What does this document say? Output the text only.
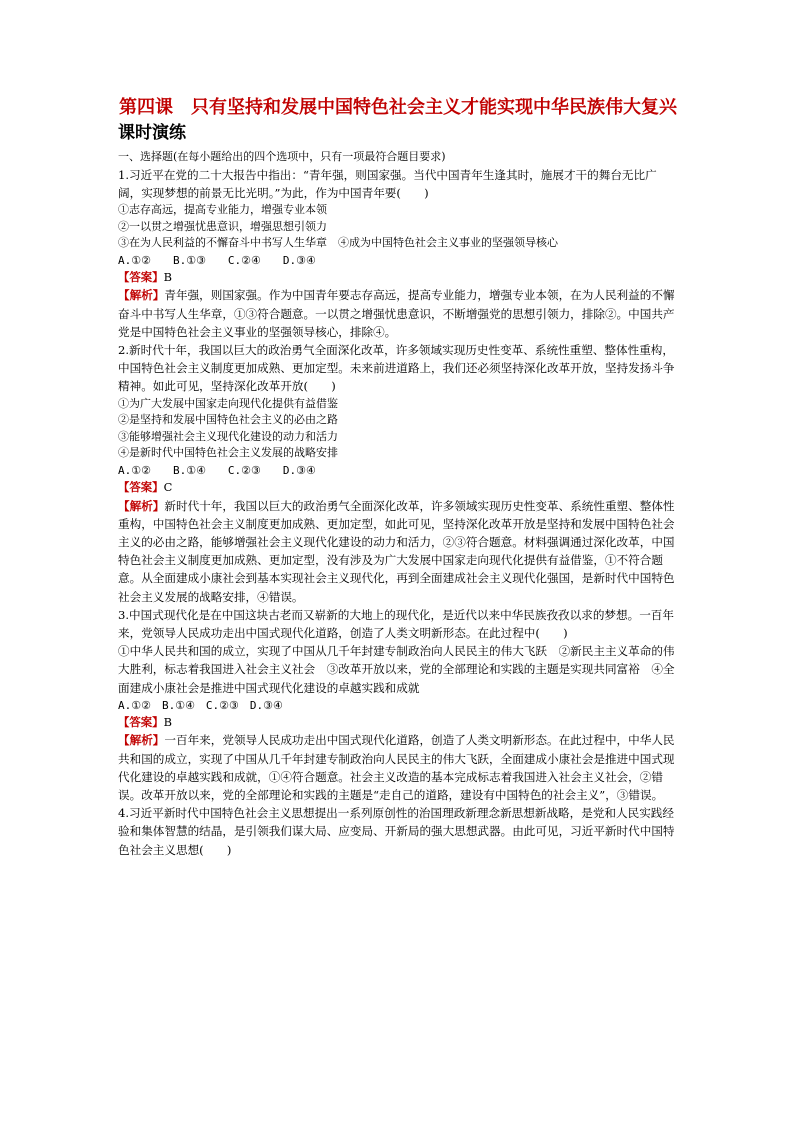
第四课　只有坚持和发展中国特色社会主义才能实现中华民族伟大复兴

课时演练

一、选择题(在每小题给出的四个选项中，只有一项最符合题目要求)

1.习近平在党的二十大报告中指出：“青年强，则国家强。当代中国青年生逢其时，施展才干的舞台无比广阔，实现梦想的前景无比光明。”为此，作为中国青年要(　　)

①志存高远，提高专业能力，增强专业本领

②一以贯之增强忧患意识，增强思想引领力

③在为人民利益的不懈奋斗中书写人生华章　④成为中国特色社会主义事业的坚强领导核心

A.①②　　B.①③　　C.②④　　D.③④

【答案】B

【解析】青年强，则国家强。作为中国青年要志存高远，提高专业能力，增强专业本领，在为人民利益的不懈奋斗中书写人生华章，①③符合题意。一以贯之增强忧患意识，不断增强党的思想引领力，排除②。中国共产党是中国特色社会主义事业的坚强领导核心，排除④。

2.新时代十年，我国以巨大的政治勇气全面深化改革，许多领域实现历史性变革、系统性重塑、整体性重构，中国特色社会主义制度更加成熟、更加定型。未来前进道路上，我们还必须坚持深化改革开放，坚持发扬斗争精神。如此可见，坚持深化改革开放(　　)

①为广大发展中国家走向现代化提供有益借鉴

②是坚持和发展中国特色社会主义的必由之路

③能够增强社会主义现代化建设的动力和活力

④是新时代中国特色社会主义发展的战略安排

A.①②　　B.①④　　C.②③　　D.③④

【答案】C

【解析】新时代十年，我国以巨大的政治勇气全面深化改革，许多领域实现历史性变革、系统性重塑、整体性重构，中国特色社会主义制度更加成熟、更加定型，如此可见，坚持深化改革开放是坚持和发展中国特色社会主义的必由之路，能够增强社会主义现代化建设的动力和活力，②③符合题意。材料强调通过深化改革，中国特色社会主义制度更加成熟、更加定型，没有涉及为广大发展中国家走向现代化提供有益借鉴，①不符合题意。从全面建成小康社会到基本实现社会主义现代化，再到全面建成社会主义现代化强国，是新时代中国特色社会主义发展的战略安排，④错误。

3.中国式现代化是在中国这块古老而又崭新的大地上的现代化，是近代以来中华民族孜孜以求的梦想。一百年来，党领导人民成功走出中国式现代化道路，创造了人类文明新形态。在此过程中(　　)

①中华人民共和国的成立，实现了中国从几千年封建专制政治向人民民主的伟大飞跃　②新民主主义革命的伟大胜利，标志着我国进入社会主义社会　③改革开放以来，党的全部理论和实践的主题是实现共同富裕　④全面建成小康社会是推进中国式现代化建设的卓越实践和成就

A.①②　B.①④　C.②③　D.③④

【答案】B

【解析】一百年来，党领导人民成功走出中国式现代化道路，创造了人类文明新形态。在此过程中，中华人民共和国的成立，实现了中国从几千年封建专制政治向人民民主的伟大飞跃，全面建成小康社会是推进中国式现代化建设的卓越实践和成就，①④符合题意。社会主义改造的基本完成标志着我国进入社会主义社会，②错误。改革开放以来，党的全部理论和实践的主题是“走自己的道路，建设有中国特色的社会主义”，③错误。

4.习近平新时代中国特色社会主义思想提出一系列原创性的治国理政新理念新思想新战略，是党和人民实践经验和集体智慧的结晶，是引领我们谋大局、应变局、开新局的强大思想武器。由此可见，习近平新时代中国特色社会主义思想(　　)
